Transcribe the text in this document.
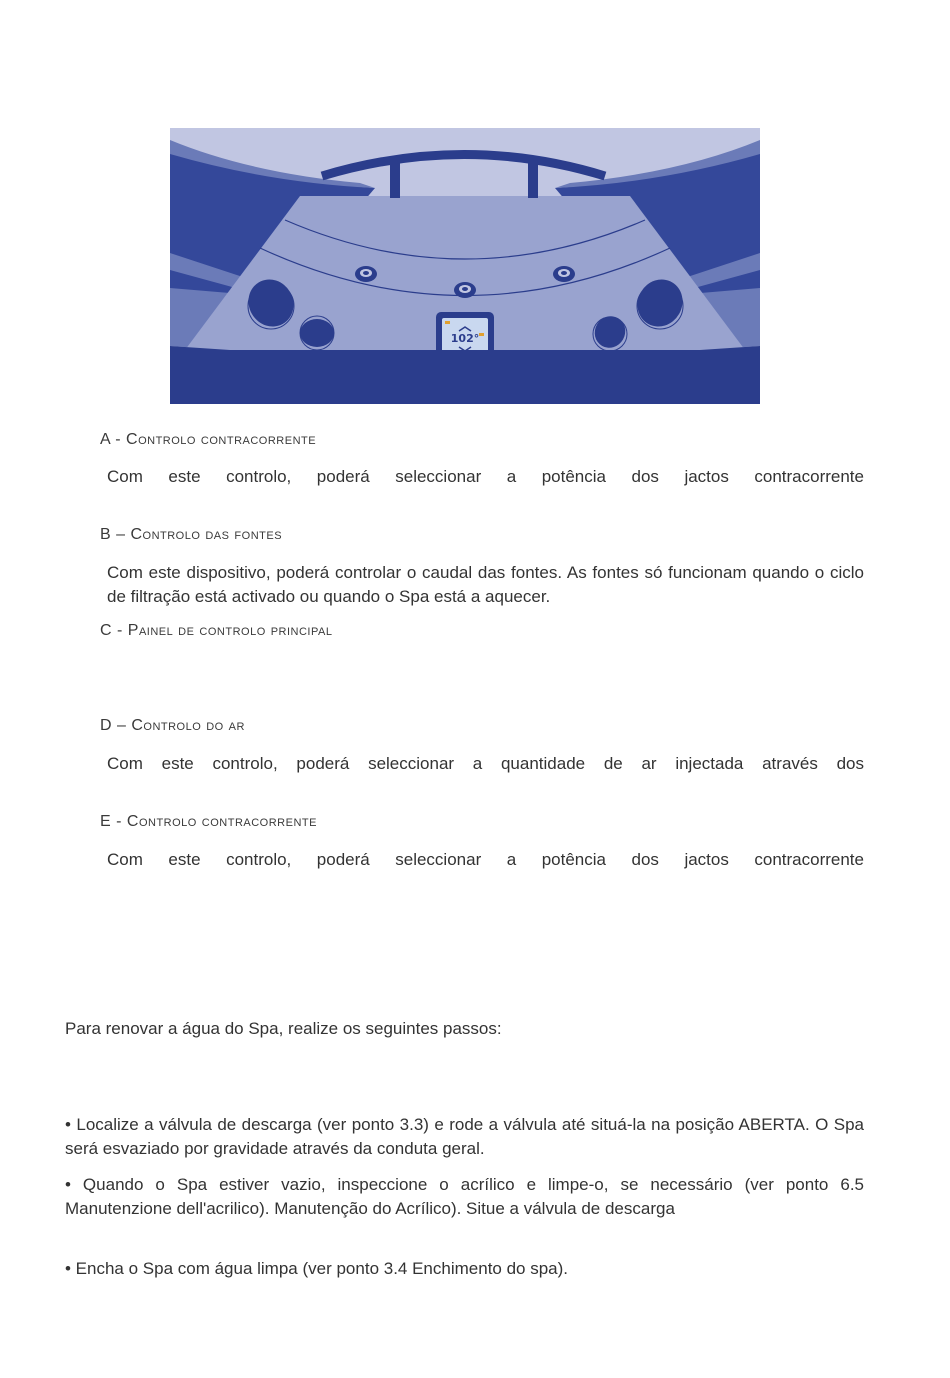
102°
A - Controlo contracorrente
Com este controlo, poderá seleccionar a potência dos jactos contracorrente
B – Controlo das fontes
Com este dispositivo, poderá controlar o caudal das fontes. As fontes só funcionam quando o ciclo de filtração está activado ou quando o Spa está a aquecer.
C - Painel de controlo principal
D – Controlo do ar
Com este controlo, poderá seleccionar a quantidade de ar injectada através dos
E - Controlo contracorrente
Com este controlo, poderá seleccionar a potência dos jactos contracorrente
Para renovar a água do Spa, realize os seguintes passos:
• Localize a válvula de descarga (ver ponto 3.3) e rode a válvula até situá-la na posição ABERTA. O Spa será esvaziado por gravidade através da conduta geral.
• Quando o Spa estiver vazio, inspeccione o acrílico e limpe-o, se necessário (ver ponto 6.5 Manutenzione dell'acrilico). Manutenção do Acrílico). Situe a válvula de descarga
• Encha o Spa com água limpa (ver ponto 3.4 Enchimento do spa).
